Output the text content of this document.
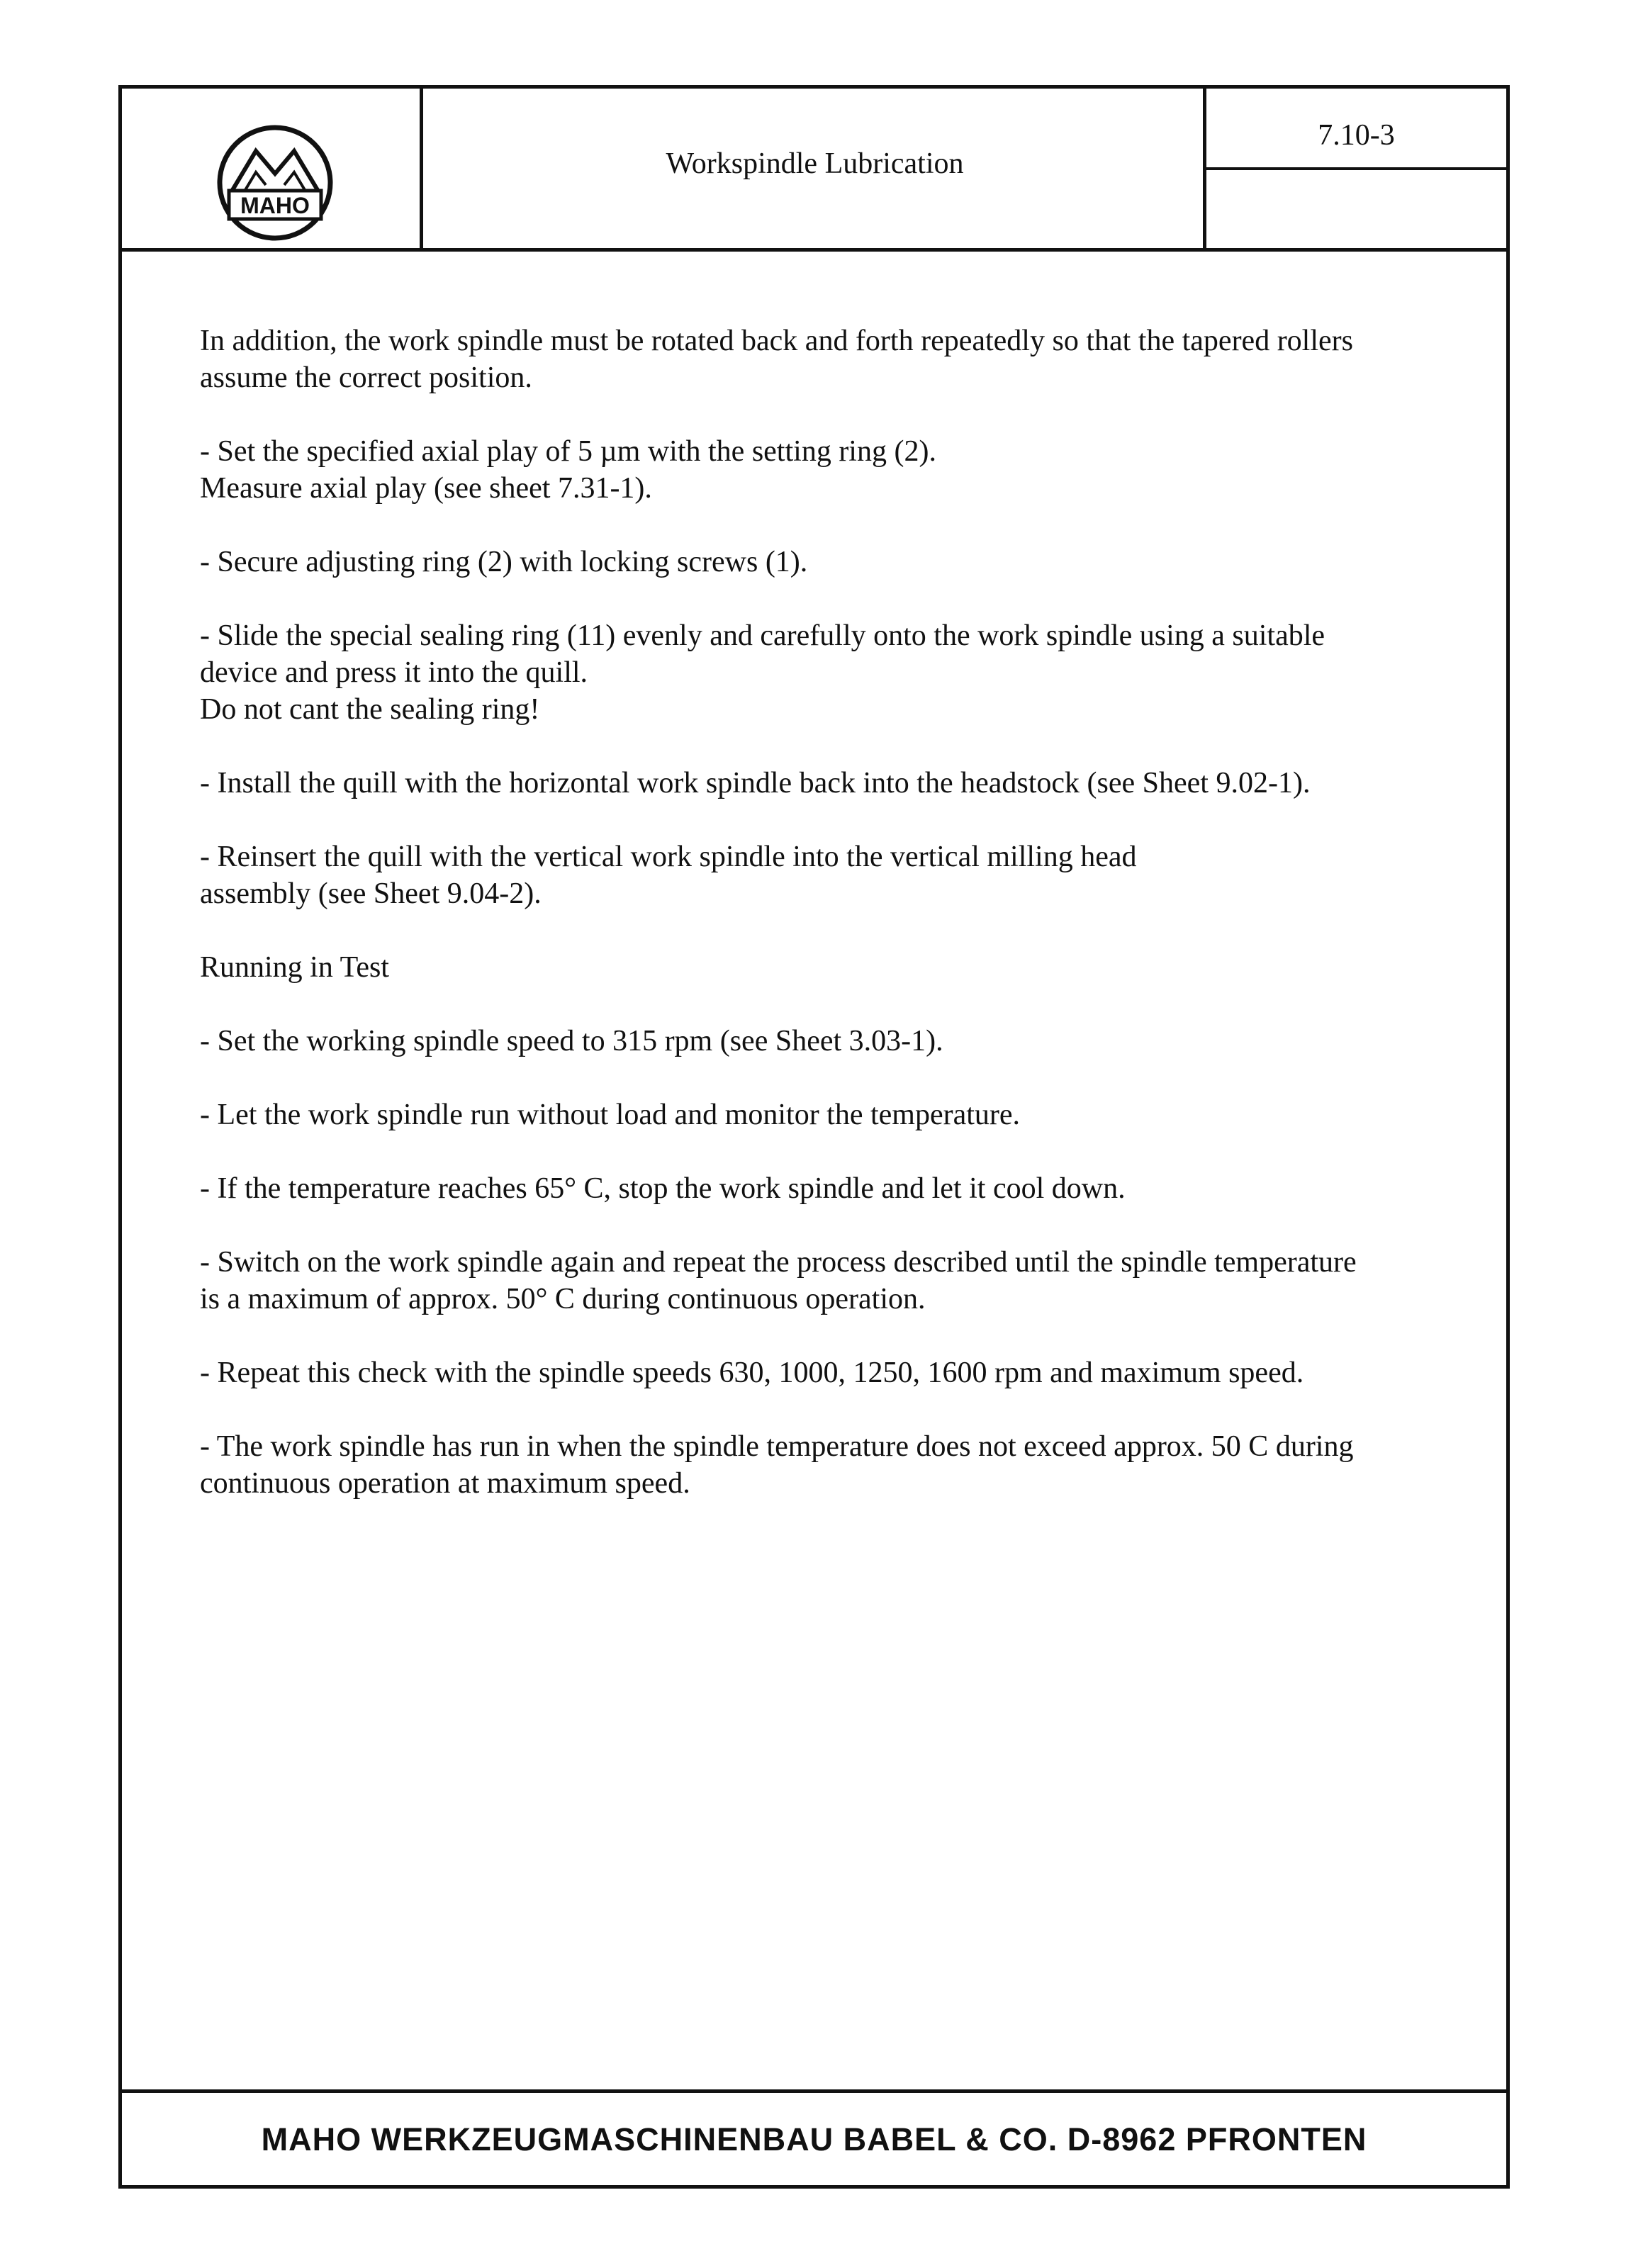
MAHO
Workspindle Lubrication
7.10-3

In addition, the work spindle must be rotated back and forth repeatedly so that the tapered rollers
assume the correct position.

- Set the specified axial play of 5 µm with the setting ring (2).
Measure axial play (see sheet 7.31-1).

- Secure adjusting ring (2) with locking screws (1).

- Slide the special sealing ring (11) evenly and carefully onto the work spindle using a suitable
device and press it into the quill.
Do not cant the sealing ring!

- Install the quill with the horizontal work spindle back into the headstock (see Sheet 9.02-1).

- Reinsert the quill with the vertical work spindle into the vertical milling head
assembly (see Sheet 9.04-2).

Running in Test

- Set the working spindle speed to 315 rpm (see Sheet 3.03-1).

- Let the work spindle run without load and monitor the temperature.

- If the temperature reaches 65° C, stop the work spindle and let it cool down.

- Switch on the work spindle again and repeat the process described until the spindle temperature
is a maximum of approx. 50° C during continuous operation.

- Repeat this check with the spindle speeds 630, 1000, 1250, 1600 rpm and maximum speed.

- The work spindle has run in when the spindle temperature does not exceed approx. 50 C during
continuous operation at maximum speed.

MAHO WERKZEUGMASCHINENBAU BABEL & CO. D-8962 PFRONTEN
